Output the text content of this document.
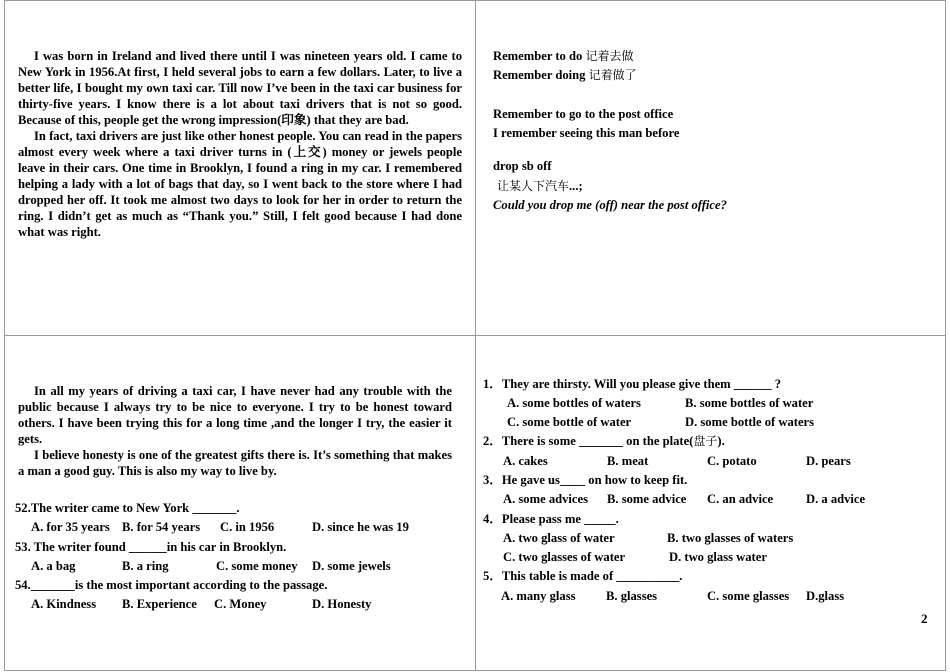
I was born in Ireland and lived there until I was nineteen years old. I came to New York in 1956.At first, I held several jobs to earn a few dollars. Later, to live a better life, I bought my own taxi car. Till now I’ve been in the taxi car business for thirty-five years. I know there is a lot about taxi drivers that is not so good. Because of this, people get the wrong impression(印象) that they are bad.

In fact, taxi drivers are just like other honest people. You can read in the papers almost every week where a taxi driver turns in (上交) money or jewels people leave in their cars. One time in Brooklyn, I found a ring in my car. I remembered helping a lady with a lot of bags that day, so I went back to the store where I had dropped her off. It took me almost two days to look for her in order to return the ring. I didn’t get as much as “Thank you.” Still, I felt good because I had done what was right.

Remember to do 记着去做
Remember doing 记着做了
Remember to go to the post office
I remember seeing this man before
drop sb off
让某人下汽车...;
Could you drop me (off) near the post office?

In all my years of driving a taxi car, I have never had any trouble with the public because I always try to be nice to everyone. I try to be honest toward others. I have been trying this for a long time ,and the longer I try, the easier it gets.

I believe honesty is one of the greatest gifts there is. It’s something that makes a man a good guy. This is also my way to live by.

52.The writer came to New York _______.
A. for 35 years B. for 54 years C. in 1956	D. since he was 19
53. The writer found ______in his car in Brooklyn.
A. a bag	B. a ring	C. some money D. some jewels
54._______is the most important according to the passage.
A. Kindness B. Experience C. Money	D. Honesty
1．They are thirsty. Will you please give them ______ ?
A. some bottles of waters	B. some bottles of water
C. some bottle of water	D. some bottle of waters
2．There is some _______ on the plate(盘子).
A. cakes	B. meat	C. potato	D. pears
3．He gave us____ on how to keep fit.
A. some advices B. some advice C. an advice	D. a advice
4．Please pass me _____.
A. two glass of water	B. two glasses of waters
C. two glasses of water	D. two glass water
5．This table is made of __________.
A. many glass B. glasses	C. some glasses D.glass
2
